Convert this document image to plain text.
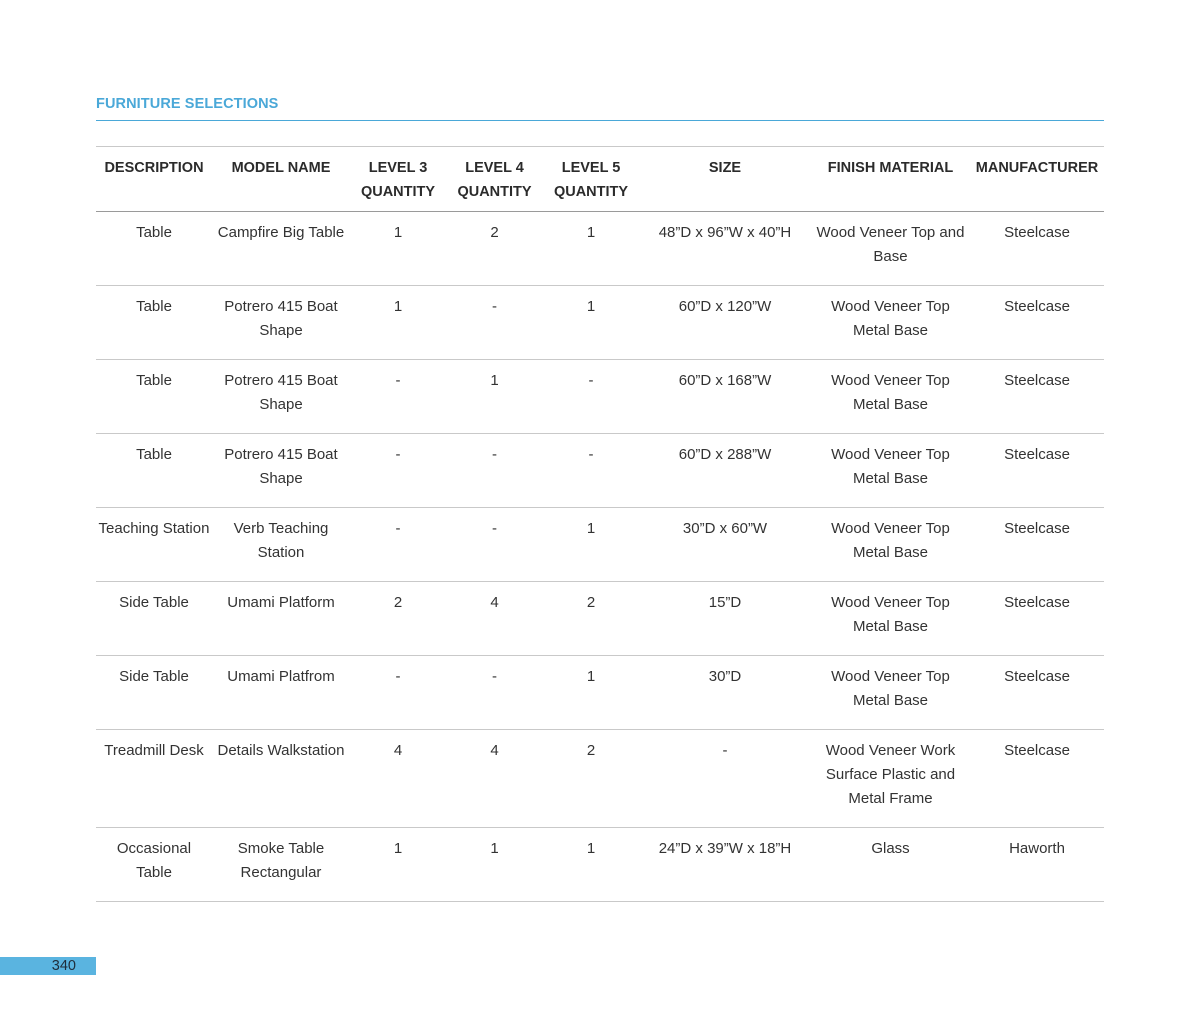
FURNITURE SELECTIONS
DESCRIPTION	MODEL NAME	LEVEL 3 QUANTITY	LEVEL 4 QUANTITY	LEVEL 5 QUANTITY	SIZE	FINISH MATERIAL	MANUFACTURER
Table	Campfire Big Table	1	2	1	48”D x 96”W x 40”H	Wood Veneer Top and Base	Steelcase
Table	Potrero 415 Boat Shape	1	-	1	60”D x 120”W	Wood Veneer Top Metal Base	Steelcase
Table	Potrero 415 Boat Shape	-	1	-	60”D x 168”W	Wood Veneer Top Metal Base	Steelcase
Table	Potrero 415 Boat Shape	-	-	-	60”D x 288”W	Wood Veneer Top Metal Base	Steelcase
Teaching Station	Verb Teaching Station	-	-	1	30”D x 60”W	Wood Veneer Top Metal Base	Steelcase
Side Table	Umami Platform	2	4	2	15”D	Wood Veneer Top Metal Base	Steelcase
Side Table	Umami Platfrom	-	-	1	30”D	Wood Veneer Top Metal Base	Steelcase
Treadmill Desk	Details Walkstation	4	4	2	-	Wood Veneer Work Surface Plastic and Metal Frame	Steelcase
Occasional Table	Smoke Table Rectangular	1	1	1	24”D x 39”W x 18”H	Glass	Haworth
340
